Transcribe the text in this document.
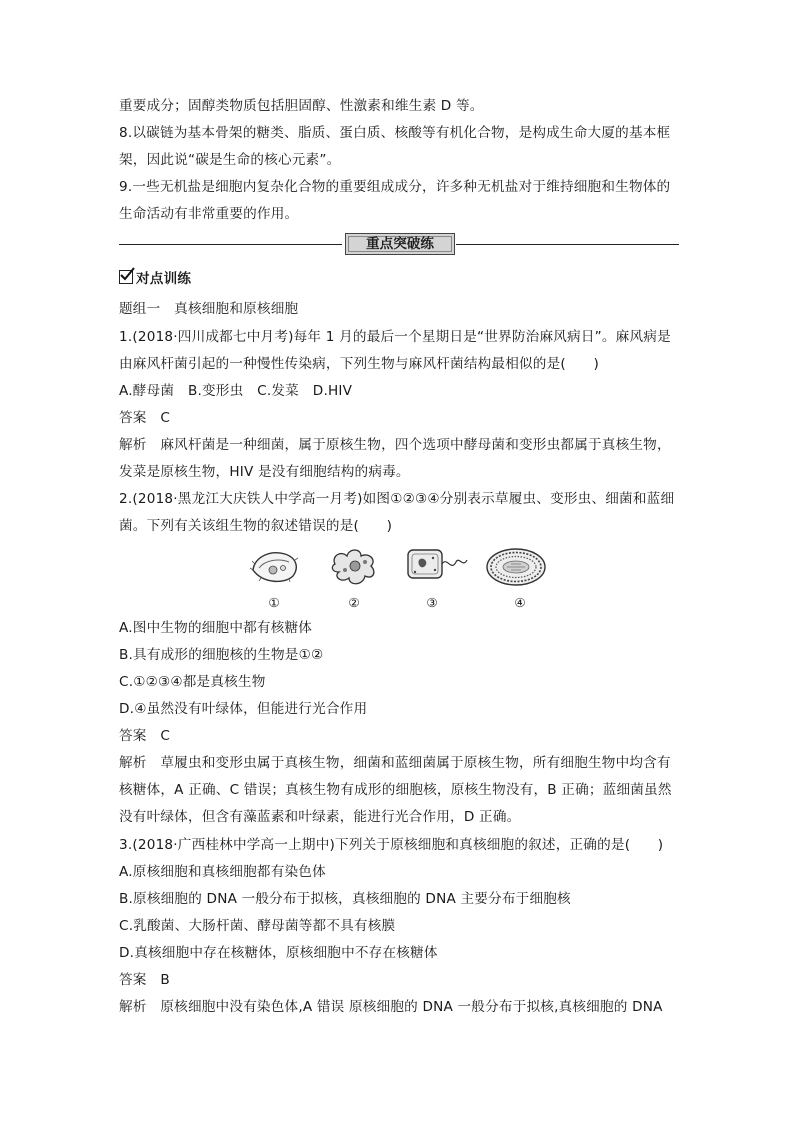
重要成分；固醇类物质包括胆固醇、性激素和维生素 D 等。
8.以碳链为基本骨架的糖类、脂质、蛋白质、核酸等有机化合物，是构成生命大厦的基本框
架，因此说“碳是生命的核心元素”。
9.一些无机盐是细胞内复杂化合物的重要组成成分，许多种无机盐对于维持细胞和生物体的
生命活动有非常重要的作用。
重点突破练
对点训练
题组一　真核细胞和原核细胞
1.(2018·四川成都七中月考)每年 1 月的最后一个星期日是“世界防治麻风病日”。麻风病是
由麻风杆菌引起的一种慢性传染病，下列生物与麻风杆菌结构最相似的是(　　)
A.酵母菌　B.变形虫　C.发菜　D.HIV
答案　C
解析　麻风杆菌是一种细菌，属于原核生物，四个选项中酵母菌和变形虫都属于真核生物，
发菜是原核生物，HIV 是没有细胞结构的病毒。
2.(2018·黑龙江大庆铁人中学高一月考)如图①②③④分别表示草履虫、变形虫、细菌和蓝细
菌。下列有关该组生物的叙述错误的是(　　)
①	②	③	④
A.图中生物的细胞中都有核糖体
B.具有成形的细胞核的生物是①②
C.①②③④都是真核生物
D.④虽然没有叶绿体，但能进行光合作用
答案　C
解析　草履虫和变形虫属于真核生物，细菌和蓝细菌属于原核生物，所有细胞生物中均含有
核糖体，A 正确、C 错误；真核生物有成形的细胞核，原核生物没有，B 正确；蓝细菌虽然
没有叶绿体，但含有藻蓝素和叶绿素，能进行光合作用，D 正确。
3.(2018·广西桂林中学高一上期中)下列关于原核细胞和真核细胞的叙述，正确的是(　　)
A.原核细胞和真核细胞都有染色体
B.原核细胞的 DNA 一般分布于拟核，真核细胞的 DNA 主要分布于细胞核
C.乳酸菌、大肠杆菌、酵母菌等都不具有核膜
D.真核细胞中存在核糖体，原核细胞中不存在核糖体
答案　B
解析　原核细胞中没有染色体,A 错误 原核细胞的 DNA 一般分布于拟核,真核细胞的 DNA
